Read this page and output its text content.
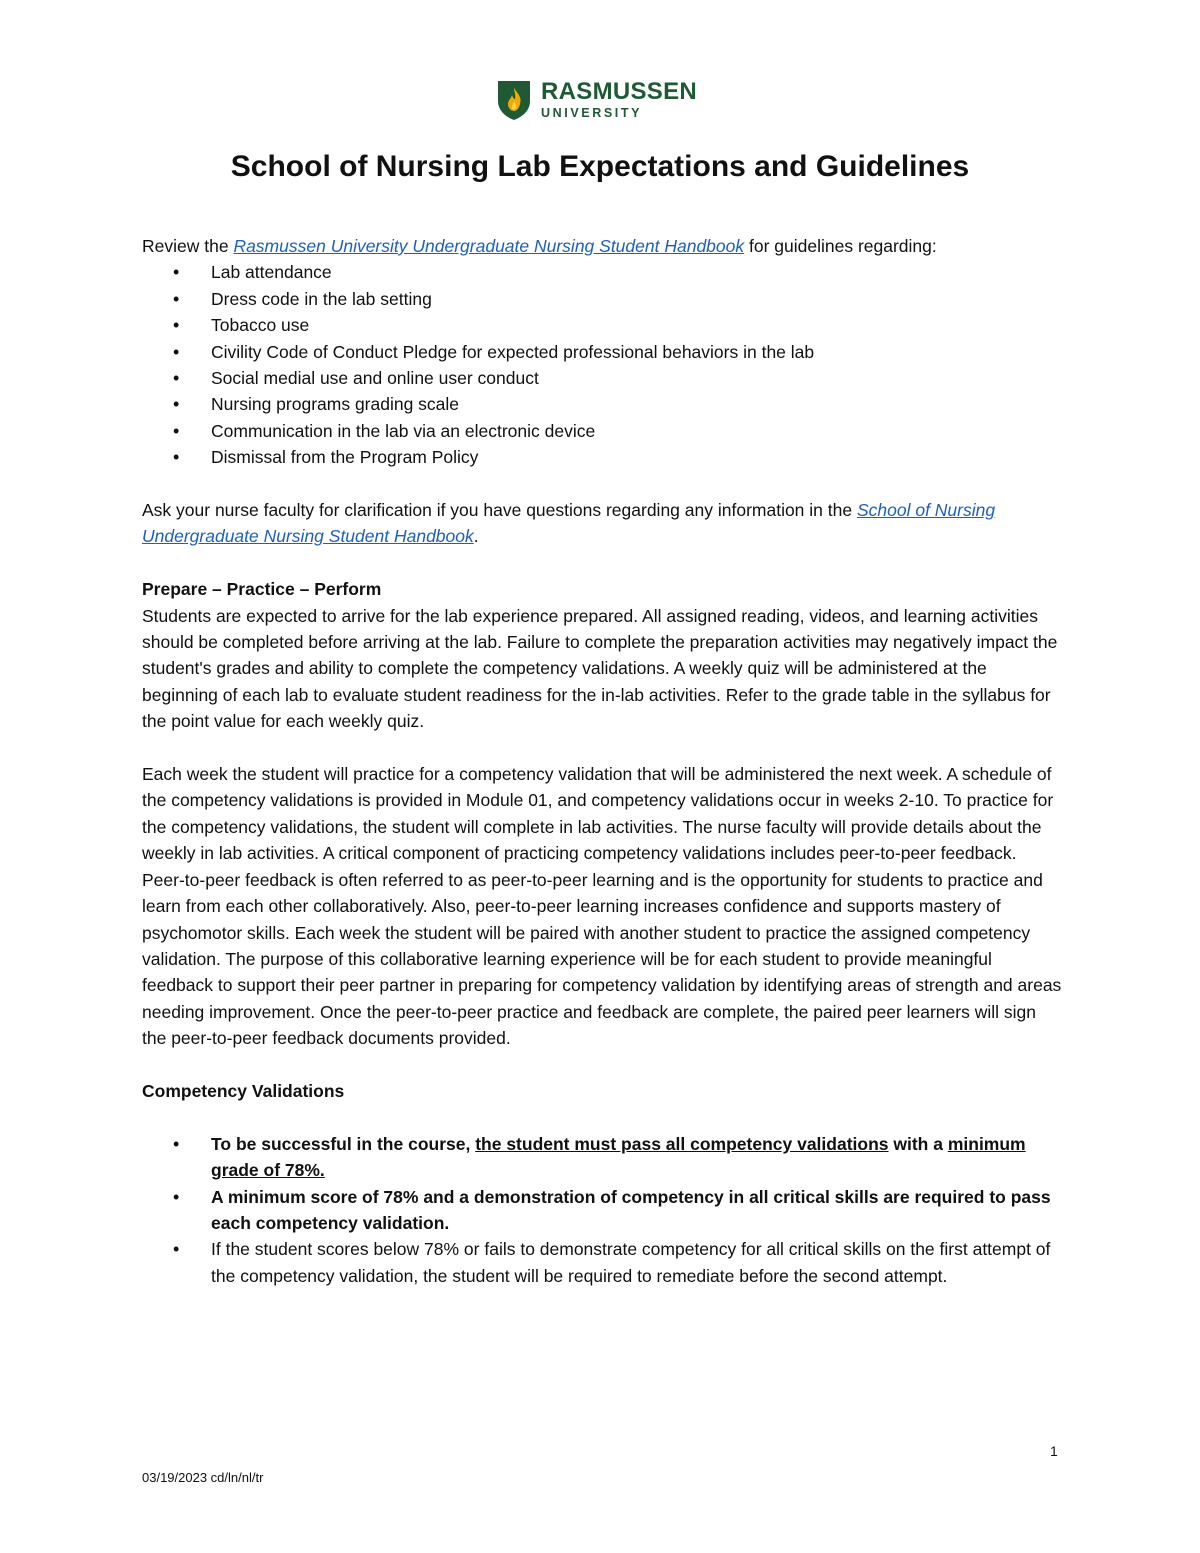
RASMUSSEN
UNIVERSITY
School of Nursing Lab Expectations and Guidelines

Review the Rasmussen University Undergraduate Nursing Student Handbook for guidelines regarding:

• Lab attendance
• Dress code in the lab setting
• Tobacco use
• Civility Code of Conduct Pledge for expected professional behaviors in the lab
• Social medial use and online user conduct
• Nursing programs grading scale
• Communication in the lab via an electronic device
• Dismissal from the Program Policy

Ask your nurse faculty for clarification if you have questions regarding any information in the School of Nursing Undergraduate Nursing Student Handbook.

Prepare – Practice – Perform

Students are expected to arrive for the lab experience prepared. All assigned reading, videos, and learning activities should be completed before arriving at the lab. Failure to complete the preparation activities may negatively impact the student's grades and ability to complete the competency validations. A weekly quiz will be administered at the beginning of each lab to evaluate student readiness for the in-lab activities. Refer to the grade table in the syllabus for the point value for each weekly quiz.

Each week the student will practice for a competency validation that will be administered the next week. A schedule of the competency validations is provided in Module 01, and competency validations occur in weeks 2-10. To practice for the competency validations, the student will complete in lab activities. The nurse faculty will provide details about the weekly in lab activities. A critical component of practicing competency validations includes peer-to-peer feedback. Peer-to-peer feedback is often referred to as peer-to-peer learning and is the opportunity for students to practice and learn from each other collaboratively. Also, peer-to-peer learning increases confidence and supports mastery of psychomotor skills. Each week the student will be paired with another student to practice the assigned competency validation. The purpose of this collaborative learning experience will be for each student to provide meaningful feedback to support their peer partner in preparing for competency validation by identifying areas of strength and areas needing improvement. Once the peer-to-peer practice and feedback are complete, the paired peer learners will sign the peer-to-peer feedback documents provided.

Competency Validations

• To be successful in the course, the student must pass all competency validations with a minimum grade of 78%.
• A minimum score of 78% and a demonstration of competency in all critical skills are required to pass each competency validation.
• If the student scores below 78% or fails to demonstrate competency for all critical skills on the first attempt of the competency validation, the student will be required to remediate before the second attempt.
1
03/19/2023 cd/ln/nl/tr
